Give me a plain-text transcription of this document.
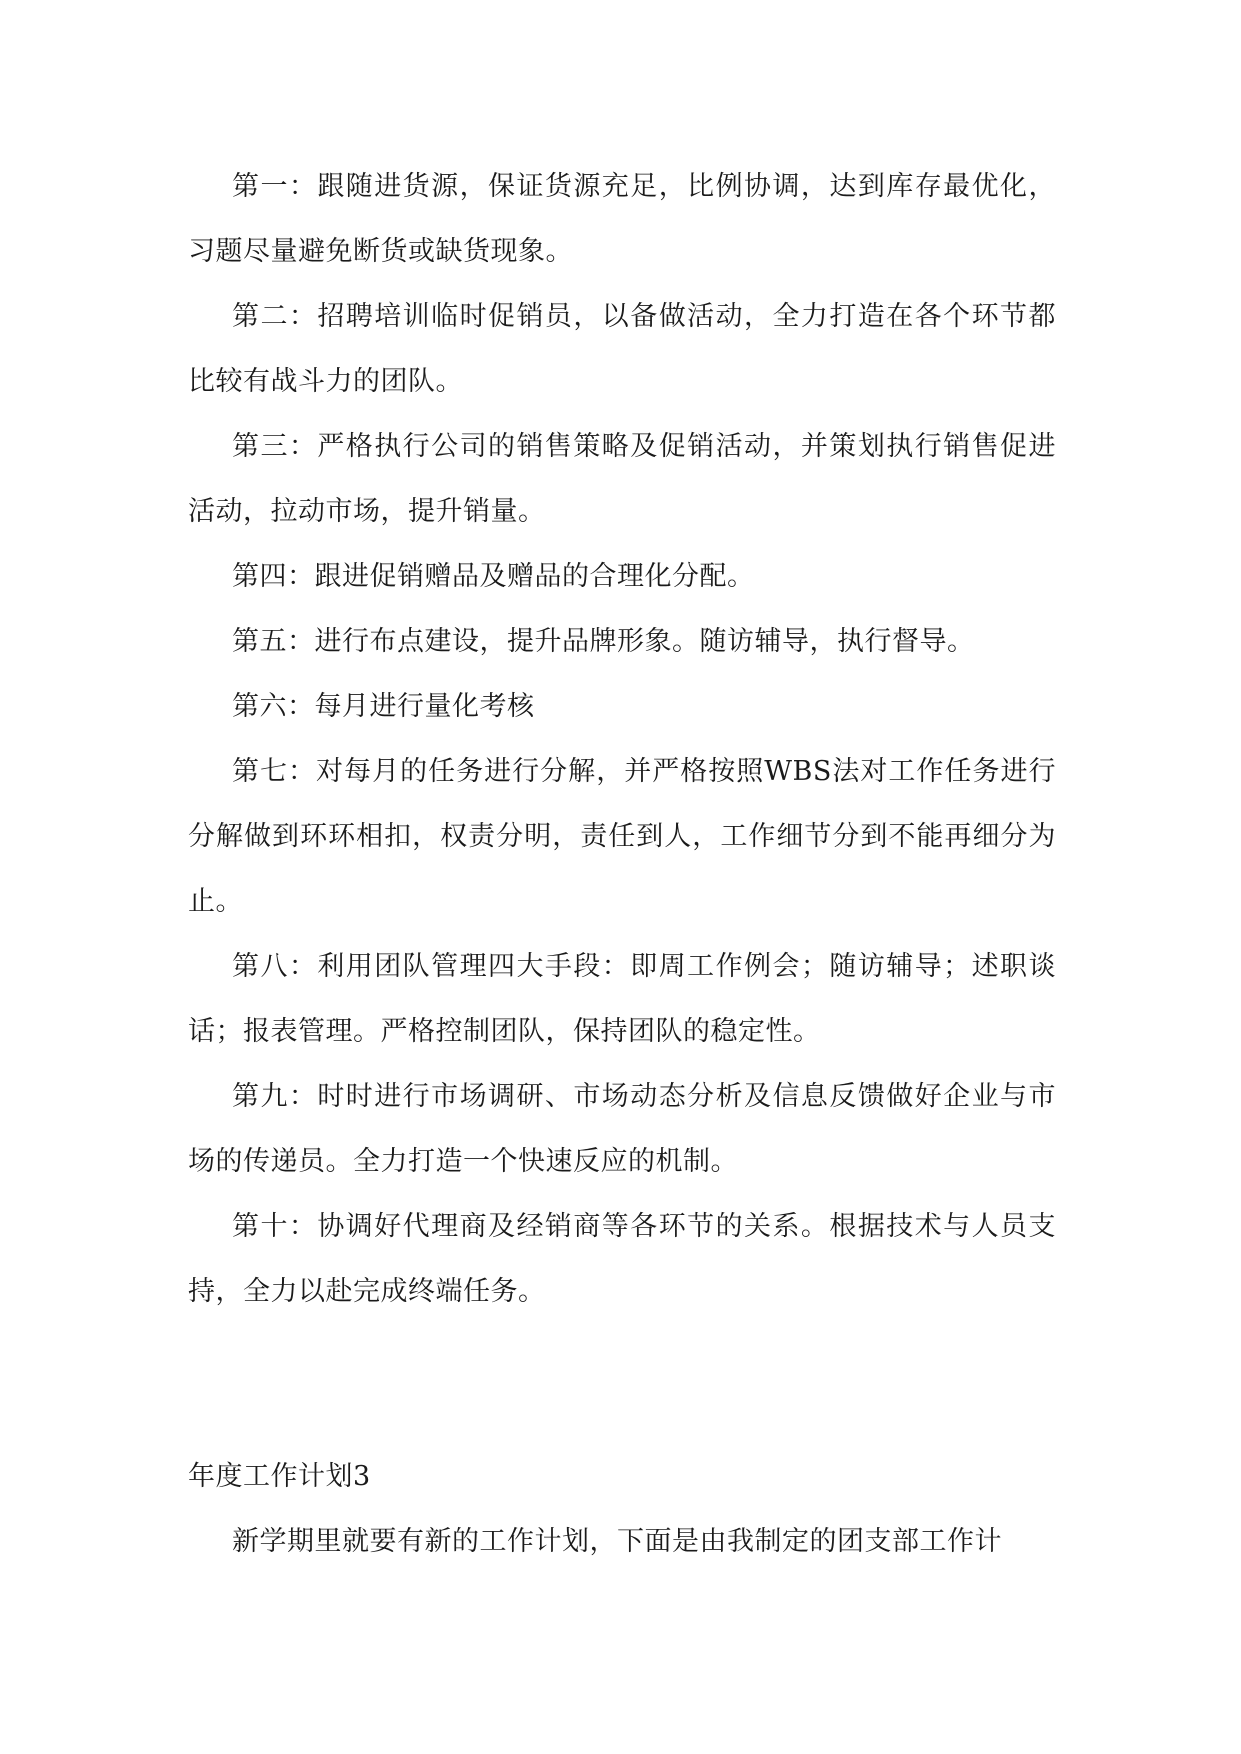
第一：跟随进货源，保证货源充足，比例协调，达到库存最优化，习题尽量避免断货或缺货现象。

第二：招聘培训临时促销员，以备做活动，全力打造在各个环节都比较有战斗力的团队。

第三：严格执行公司的销售策略及促销活动，并策划执行销售促进活动，拉动市场，提升销量。

第四：跟进促销赠品及赠品的合理化分配。

第五：进行布点建设，提升品牌形象。随访辅导，执行督导。

第六：每月进行量化考核

第七：对每月的任务进行分解，并严格按照WBS法对工作任务进行分解做到环环相扣，权责分明，责任到人，工作细节分到不能再细分为止。

第八：利用团队管理四大手段：即周工作例会；随访辅导；述职谈话；报表管理。严格控制团队，保持团队的稳定性。

第九：时时进行市场调研、市场动态分析及信息反馈做好企业与市场的传递员。全力打造一个快速反应的机制。

第十：协调好代理商及经销商等各环节的关系。根据技术与人员支持，全力以赴完成终端任务。

年度工作计划3

新学期里就要有新的工作计划，下面是由我制定的团支部工作计
